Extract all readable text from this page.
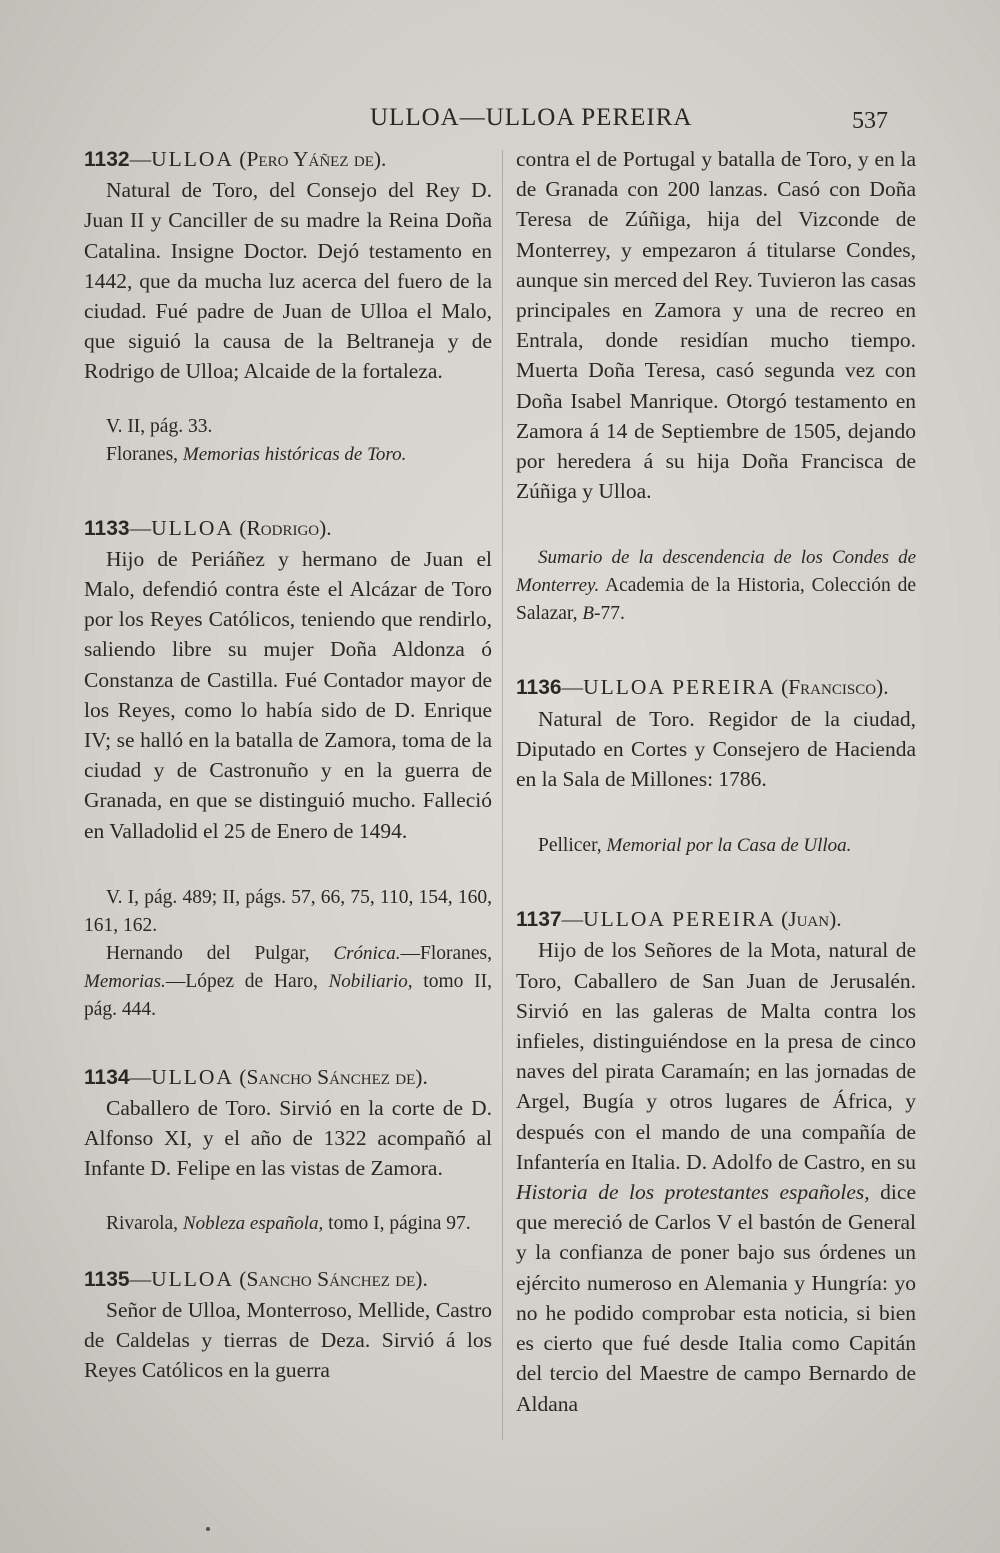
ULLOA—ULLOA PEREIRA	537

1132—ULLOA (Pero Yáñez de).

Natural de Toro, del Consejo del Rey D. Juan II y Canciller de su madre la Reina Doña Catalina. Insigne Doctor. Dejó testamento en 1442, que da mucha luz acerca del fuero de la ciudad. Fué padre de Juan de Ulloa el Malo, que siguió la causa de la Beltraneja y de Rodrigo de Ulloa; Alcaide de la fortaleza.

V. II, pág. 33.

Floranes, Memorias históricas de Toro.

1133—ULLOA (Rodrigo).

Hijo de Periáñez y hermano de Juan el Malo, defendió contra éste el Alcázar de Toro por los Reyes Católicos, teniendo que rendirlo, saliendo libre su mujer Doña Aldonza ó Constanza de Castilla. Fué Contador mayor de los Reyes, como lo había sido de D. Enrique IV; se halló en la batalla de Zamora, toma de la ciudad y de Castronuño y en la guerra de Granada, en que se distinguió mucho. Falleció en Valladolid el 25 de Enero de 1494.

V. I, pág. 489; II, págs. 57, 66, 75, 110, 154, 160, 161, 162.

Hernando del Pulgar, Crónica.—Floranes, Memorias.—López de Haro, Nobiliario, tomo II, pág. 444.

1134—ULLOA (Sancho Sánchez de).

Caballero de Toro. Sirvió en la corte de D. Alfonso XI, y el año de 1322 acompañó al Infante D. Felipe en las vistas de Zamora.

Rivarola, Nobleza española, tomo I, página 97.

1135—ULLOA (Sancho Sánchez de).

Señor de Ulloa, Monterroso, Mellide, Castro de Caldelas y tierras de Deza. Sirvió á los Reyes Católicos en la guerra

contra el de Portugal y batalla de Toro, y en la de Granada con 200 lanzas. Casó con Doña Teresa de Zúñiga, hija del Vizconde de Monterrey, y empezaron á titularse Condes, aunque sin merced del Rey. Tuvieron las casas principales en Zamora y una de recreo en Entrala, donde residían mucho tiempo. Muerta Doña Teresa, casó segunda vez con Doña Isabel Manrique. Otorgó testamento en Zamora á 14 de Septiembre de 1505, dejando por heredera á su hija Doña Francisca de Zúñiga y Ulloa.

Sumario de la descendencia de los Condes de Monterrey. Academia de la Historia, Colección de Salazar, B-77.

1136—ULLOA PEREIRA (Francisco).

Natural de Toro. Regidor de la ciudad, Diputado en Cortes y Consejero de Hacienda en la Sala de Millones: 1786.

Pellicer, Memorial por la Casa de Ulloa.

1137—ULLOA PEREIRA (Juan).

Hijo de los Señores de la Mota, natural de Toro, Caballero de San Juan de Jerusalén. Sirvió en las galeras de Malta contra los infieles, distinguiéndose en la presa de cinco naves del pirata Caramaín; en las jornadas de Argel, Bugía y otros lugares de África, y después con el mando de una compañía de Infantería en Italia. D. Adolfo de Castro, en su Historia de los protestantes españoles, dice que mereció de Carlos V el bastón de General y la confianza de poner bajo sus órdenes un ejército numeroso en Alemania y Hungría: yo no he podido comprobar esta noticia, si bien es cierto que fué desde Italia como Capitán del tercio del Maestre de campo Bernardo de Aldana
